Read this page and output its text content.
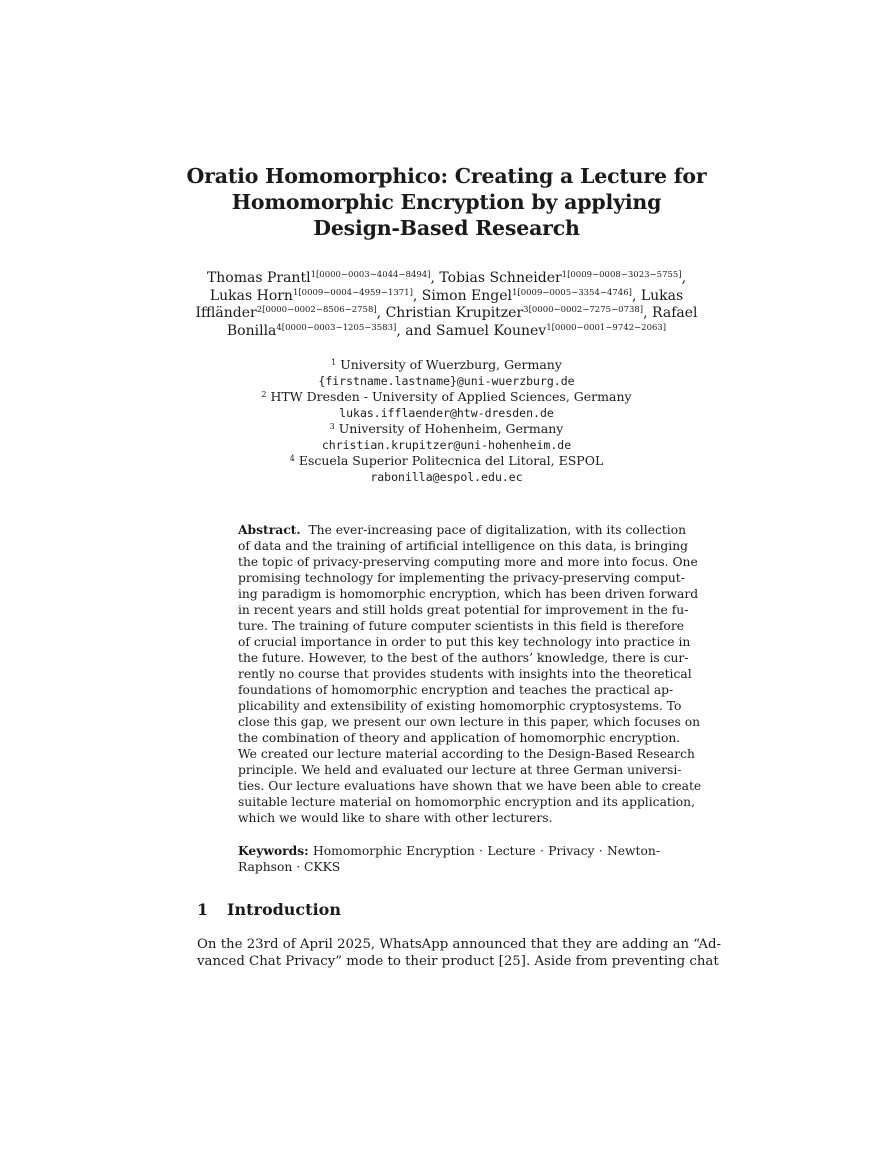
Oratio Homomorphico: Creating a Lecture for
Homomorphic Encryption by applying
Design-Based Research
Thomas Prantl$^{1[0000-0003-4044-8494]}$, Tobias Schneider$^{1[0009-0008-3023-5755]}$,
Lukas Horn$^{1[0009-0004-4959-1371]}$, Simon Engel$^{1[0009-0005-3354-4746]}$, Lukas
Iffländer$^{2[0000-0002-8506-2758]}$, Christian Krupitzer$^{3[0000-0002-7275-0738]}$, Rafael
Bonilla$^{4[0000-0003-1205-3583]}$, and Samuel Kounev$^{1[0000-0001-9742-2063]}$
$^1$ University of Wuerzburg, Germany
{firstname.lastname}@uni-wuerzburg.de
$^2$ HTW Dresden - University of Applied Sciences, Germany
lukas.ifflaender@htw-dresden.de
$^3$ University of Hohenheim, Germany
christian.krupitzer@uni-hohenheim.de
$^4$ Escuela Superior Politecnica del Litoral, ESPOL
rabonilla@espol.edu.ec
Abstract. The ever-increasing pace of digitalization, with its collection
of data and the training of artificial intelligence on this data, is bringing
the topic of privacy-preserving computing more and more into focus. One
promising technology for implementing the privacy-preserving comput-
ing paradigm is homomorphic encryption, which has been driven forward
in recent years and still holds great potential for improvement in the fu-
ture. The training of future computer scientists in this field is therefore
of crucial importance in order to put this key technology into practice in
the future. However, to the best of the authors’ knowledge, there is cur-
rently no course that provides students with insights into the theoretical
foundations of homomorphic encryption and teaches the practical ap-
plicability and extensibility of existing homomorphic cryptosystems. To
close this gap, we present our own lecture in this paper, which focuses on
the combination of theory and application of homomorphic encryption.
We created our lecture material according to the Design-Based Research
principle. We held and evaluated our lecture at three German universi-
ties. Our lecture evaluations have shown that we have been able to create
suitable lecture material on homomorphic encryption and its application,
which we would like to share with other lecturers.
Keywords: Homomorphic Encryption · Lecture · Privacy · Newton-
Raphson · CKKS
1 Introduction
On the 23rd of April 2025, WhatsApp announced that they are adding an “Ad-
vanced Chat Privacy” mode to their product [25]. Aside from preventing chat
